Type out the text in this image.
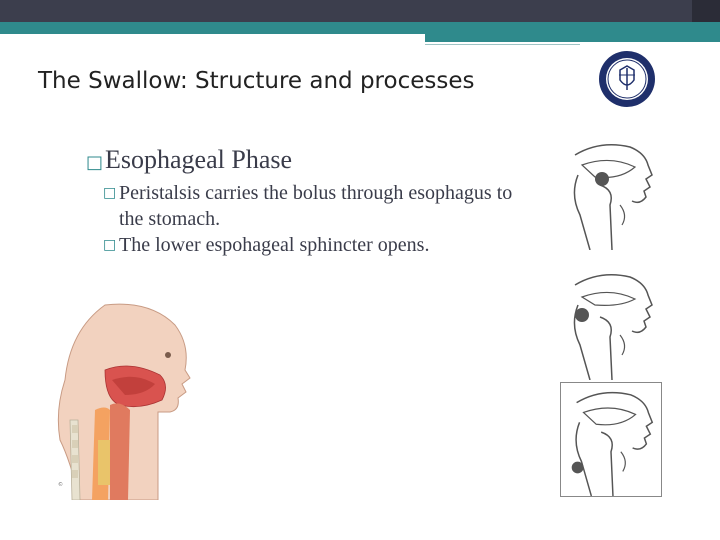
The Swallow: Structure and processes
□Esophageal Phase
□ Peristalsis carries the bolus through esophagus to the stomach.
□ The lower espohageal sphincter opens.
©
